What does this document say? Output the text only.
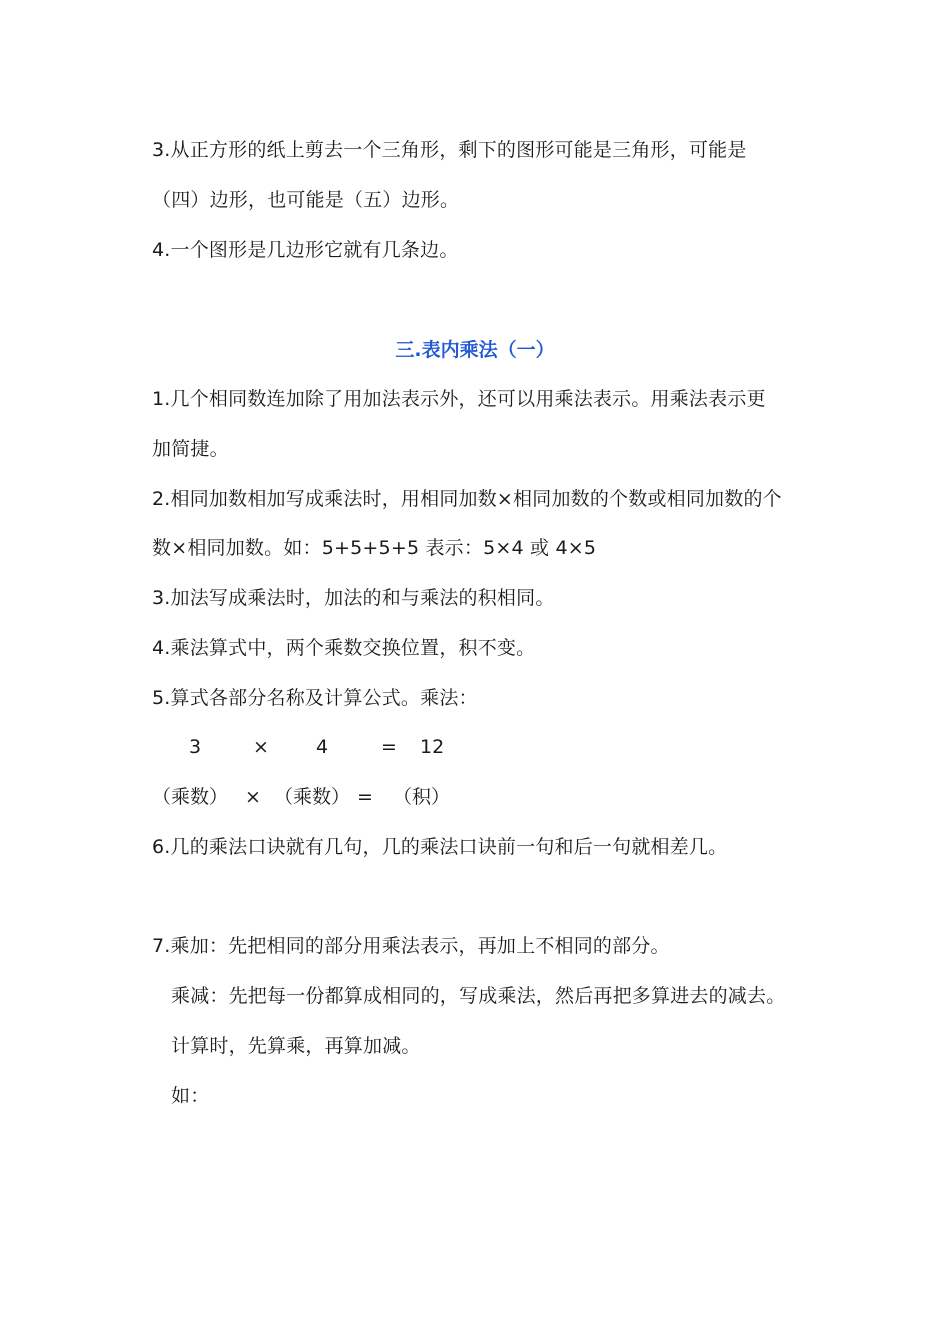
3.从正方形的纸上剪去一个三角形，剩下的图形可能是三角形，可能是
（四）边形，也可能是（五）边形。
4.一个图形是几边形它就有几条边。
三.表内乘法（一）
1.几个相同数连加除了用加法表示外，还可以用乘法表示。用乘法表示更
加简捷。
2.相同加数相加写成乘法时，用相同加数×相同加数的个数或相同加数的个
数×相同加数。如：5+5+5+5 表示：5×4 或 4×5
3.加法写成乘法时，加法的和与乘法的积相同。
4.乘法算式中，两个乘数交换位置，积不变。
5.算式各部分名称及计算公式。乘法：
3	× 4	= 12
（乘数） × （乘数） = （积）
6.几的乘法口诀就有几句，几的乘法口诀前一句和后一句就相差几。
7.乘加：先把相同的部分用乘法表示，再加上不相同的部分。
乘减：先把每一份都算成相同的，写成乘法，然后再把多算进去的减去。
计算时，先算乘，再算加减。
如：
